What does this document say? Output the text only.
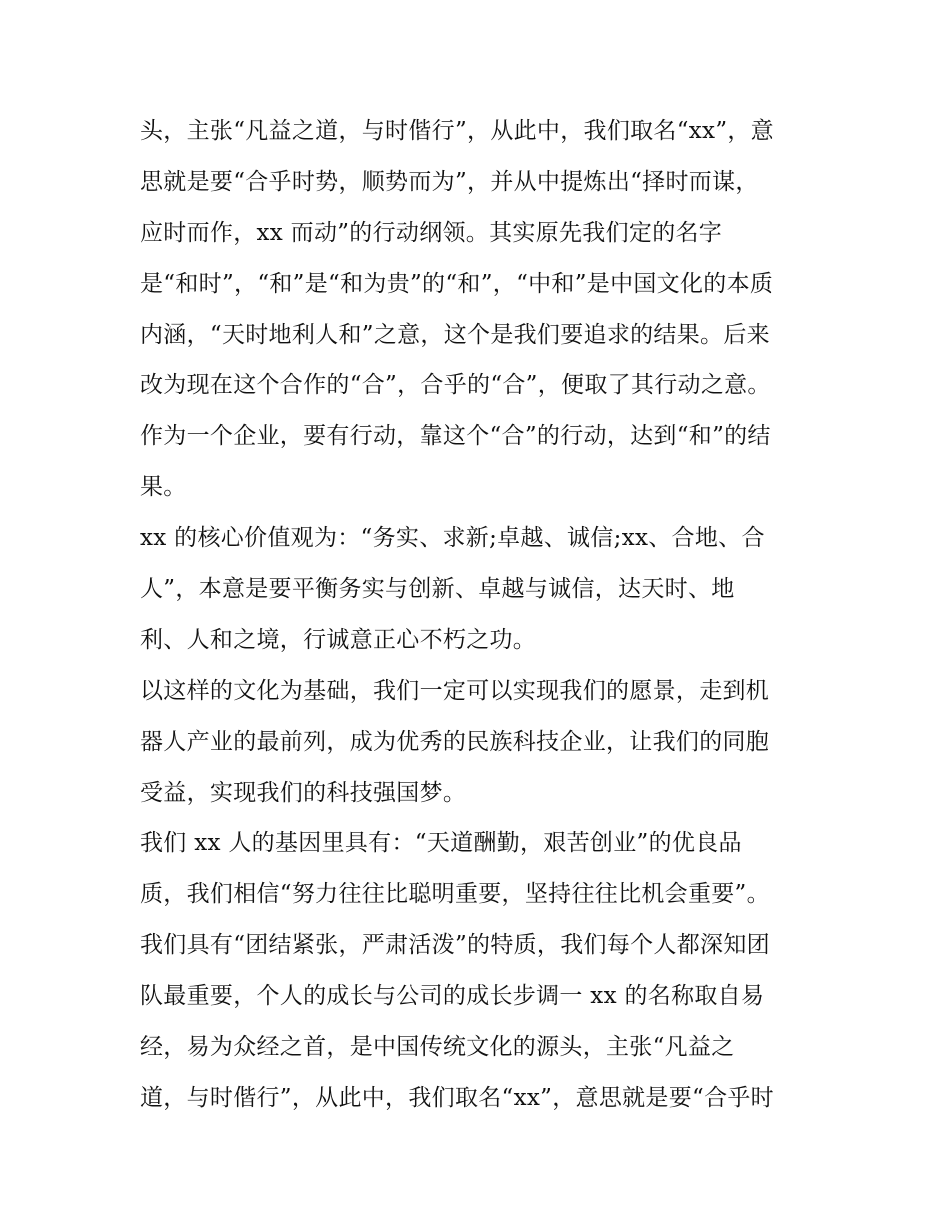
头，主张“凡益之道，与时偕行”，从此中，我们取名“xx”，意
思就是要“合乎时势，顺势而为”，并从中提炼出“择时而谋，
应时而作，xx 而动”的行动纲领。其实原先我们定的名字
是“和时”，“和”是“和为贵”的“和”，“中和”是中国文化的本质
内涵，“天时地利人和”之意，这个是我们要追求的结果。后来
改为现在这个合作的“合”，合乎的“合”，便取了其行动之意。
作为一个企业，要有行动，靠这个“合”的行动，达到“和”的结
果。
xx 的核心价值观为：“务实、求新;卓越、诚信;xx、合地、合
人”，本意是要平衡务实与创新、卓越与诚信，达天时、地
利、人和之境，行诚意正心不朽之功。
以这样的文化为基础，我们一定可以实现我们的愿景，走到机
器人产业的最前列，成为优秀的民族科技企业，让我们的同胞
受益，实现我们的科技强国梦。
我们 xx 人的基因里具有：“天道酬勤，艰苦创业”的优良品
质，我们相信“努力往往比聪明重要，坚持往往比机会重要”。
我们具有“团结紧张，严肃活泼”的特质，我们每个人都深知团
队最重要，个人的成长与公司的成长步调一 xx 的名称取自易
经，易为众经之首，是中国传统文化的源头，主张“凡益之
道，与时偕行”，从此中，我们取名“xx”，意思就是要“合乎时
